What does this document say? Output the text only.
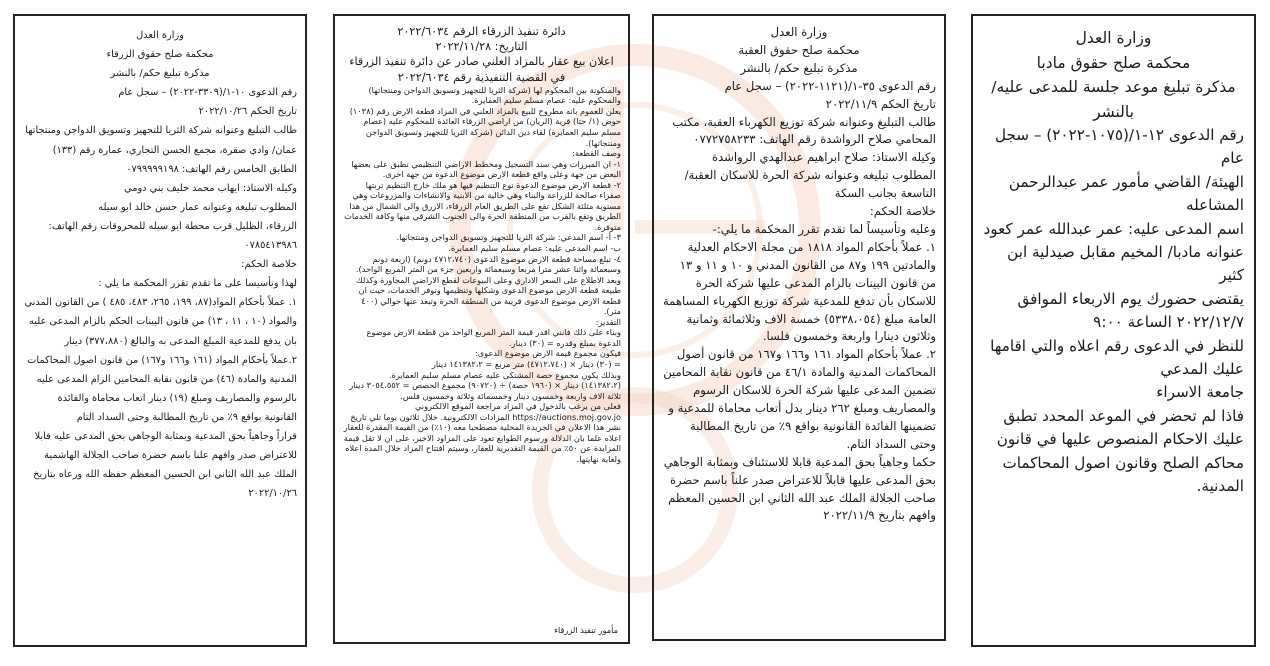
وزارة العدل

محكمة صلح حقوق مادبا

مذكرة تبليغ موعد جلسة للمدعى عليه/ بالنشر

رقم الدعوى ١٢-١/(١٠٧٥-٢٠٢٢) – سجل عام

الهيئة/ القاضي مأمور عمر عبدالرحمن المشاعله

اسم المدعى عليه: عمر عبدالله عمر كعود

عنوانه مادبا/ المخيم مقابل صيدلية ابن كثير

يقتضى حضورك يوم الاربعاء الموافق ٢٠٢٢/١٢/٧ الساعة ٩:٠٠

للنظر في الدعوى رقم اعلاه والتي اقامها عليك المدعي

جامعة الاسراء

فاذا لم تحضر في الموعد المحدد تطبق عليك الاحكام المنصوص عليها في قانون محاكم الصلح وقانون اصول المحاكمات المدنية.

وزارة العدل

محكمة صلح حقوق العقبة

مذكرة تبليغ حكم/ بالنشر

رقم الدعوى ٣٥-١/(١١٢١-٢٠٢٢) – سجل عام

تاريخ الحكم ٢٠٢٢/١١/٩

طالب التبليغ وعنوانه شركة توزيع الكهرباء العقبة، مكتب المحامي صلاح الرواشدة رقم الهاتف: ٠٧٧٢٧٥٨٢٣٣

وكيله الاستاذ: صلاح ابراهيم عبدالهدي الرواشدة

المطلوب تبليغه وعنوانه شركة الحرة للاسكان العقبة/ التاسعة بجانب السكة

خلاصة الحكم:

وعليه وتأسيساً لما تقدم تقرر المحكمة ما يلي:-

١. عملاً بأحكام المواد ١٨١٨ من مجلة الاحكام العدلية والمادتين ١٩٩ و٨٧ من القانون المدني و ١٠ و ١١ و ١٣ من قانون البينات بالزام المدعى عليها شركة الحرة للاسكان بأن تدفع للمدعية شركة توزيع الكهرباء المساهمة العامة مبلغ (٥٣٣٨،٠٥٤) خمسة الاف وثلاثمائة وثمانية وثلاثون دينارا واربعة وخمسون فلسا.

٢. عملاً بأحكام المواد ١٦١ و١٦٦ و١٦٧ من قانون أصول المحاكمات المدنية والمادة ٤٦/١ من قانون نقابة المحامين تضمين المدعى عليها شركة الحرة للاسكان الرسوم والمصاريف ومبلغ ٢٦٢ دينار بدل أتعاب محاماة للمدعية و تضمينها الفائدة القانونية بواقع ٩٪ من تاريخ المطالبة وحتى السداد التام.

حكما وجاهياً بحق المدعية قابلا للاستئناف وبمثابة الوجاهي بحق المدعى عليها قابلاً للاعتراض صدر علناً باسم حضرة صاحب الجلالة الملك عبد الله الثاني ابن الحسين المعظم وافهم بتاريخ ٢٠٢٢/١١/٩

دائرة تنفيذ الزرقاء الرقم ٢٠٢٢/٦٠٣٤

التاريخ: ٢٠٢٢/١١/٢٨

اعلان بيع عقار بالمزاد العلني صادر عن دائرة تنفيذ الزرقاء

في القضية التنفيذية رقم ٢٠٢٢/٦٠٣٤

والمتكونة بين المحكوم لها (شركة الثريا للتجهيز وتسويق الدواجن ومنتجاتها) والمحكوم عليه: عصام مسلم سليم العمايرة.

يعلن للعموم بانه مطروح للبيع بالمزاد العلني في المزاد قطعة الارض رقم (١٠٣٨) حوض (١/ حتا) قرية (الريان) من اراضي الزرقاء العائدة للمحكوم عليه (عصام مسلم سليم العمايرة) لقاء دين الدائن (شركة الثريا للتجهيز وتسويق الدواجن ومنتجاتها).

وصف القطعة:

١- ان المبرزات وهي سند التسجيل ومخطط الاراضي التنظيمي تطبق على بعضها البعض من جهة وعلى واقع قطعة الارض موضوع الدعوة من جهة اخرى.

٢- قطعة الارض موضوع الدعوة نوع التنظيم فيها هو ملك خارج التنظيم تربتها صفراء صالحة للزراعة والبناء وهي خالية من الابنية والانشاءات والمزروعات وهي مستوية مثلثة الشكل تقع على الطريق العام الزرقاء، الازرق والى الشمال من هذا الطريق وتقع بالقرب من المنطقة الحرة والى الجنوب الشرقي منها وكافة الخدمات متوفرة.

٣- أ- اسم المدعي: شركة الثريا للتجهيز وتسويق الدواجن ومنتجاتها.

ب- اسم المدعى عليه: عصام مسلم سليم العمايرة.

٤- تبلغ مساحة قطعة الارض موضوع الدعوى (٤٧١٢،٧٤٠ دونم) (اربعة دونم وسبعمائة واثنا عشر مترا مربعا وسبعمائة واربعين جزء من المتر المربع الواحد).

وبعد الاطلاع على السعر الاداري وعلى البيوعات لقطع الاراضي المجاورة وكذلك طبيعة قطعة الارض موضوع الدعوى وشكلها وتنظيمها وتوفر الخدمات، حيث ان قطعة الارض موضوع الدعوى قريبة من المنطقة الحرة وتبعد عنها حوالي (٤٠٠ متر).

التقدير:

وبناء على ذلك فانني اقدر قيمة المتر المربع الواحد من قطعة الارض موضوع الدعوة بمبلغ وقدره = (٣٠) دينار.

فيكون مجموع قيمة الارض موضوع الدعوى:

= (٣٠) دينار × (٤٧١٢،٧٤٠) متر مربع = ١٤١٣٨٢،٢ دينار

وبذلك يكون مجموع حصة المشتكى عليه عصام مسلم سليم العمايرة.

(١٤١٣٨٢،٢) دينار × (١٩٦٠ حصة) ÷ (٩٠٧٢٠) مجموع الحصص = ٣٠٥٤،٥٥٢ دينار

ثلاثة الاف واربعة وخمسون دينار وخمسمائة وثلاثة وخمسون فلس.

فعلى من يرغب بالدخول في المزاد مراجعة الموقع الالكتروني https://auctions.moj.gov.jo المزادات الالكترونية. خلال ثلاثون يوما تلي تاريخ نشر هذا الاعلان في الجريدة المحلية مصطحبا معه (١٠٪) من القيمة المقدرة للعقار اعلاه علما بان الدلالة ورسوم الطوابع تعود على المزاود الاخير، على ان لا تقل قيمة المزايدة عن ٥٠٪ من القيمة التقديرية للعقار، وسيتم افتتاح المزاد خلال المدة اعلاه ولغاية نهايتها.

مأمور تنفيذ الزرقاء

وزارة العدل

محكمة صلح حقوق الزرقاء

مذكرة تبليغ حكم/ بالنشر

رقم الدعوى ١٠-١/(٣٣٠٩-٢٠٢٢) – سجل عام

تاريخ الحكم ٢٠٢٢/١٠/٢٦

طالب التبليغ وعنوانه شركة الثريا للتجهيز وتسويق الدواجن ومنتجاتها

عمان/ وادي صقرة، مجمع الحسن التجاري، عمارة رقم (١٣٣) الطابق الخامس رقم الهاتف: ٠٧٩٩٩٩٩١٩٨

وكيله الاستاذ: ايهاب محمد خليف بني دومي

المطلوب تبليغه وعنوانه عمار حسن خالد ابو سيله

الزرقاء، الظليل قرب محطة ابو سيله للمحروقات رقم الهاتف: ٠٧٨٥٤١٣٩٨٦

خلاصة الحكم:

لهذا وتأسيسا على ما تقدم تقرر المحكمة ما يلي :

١. عملاً بأحكام المواد(٨٧، ١٩٩، ٢٦٥، ٤٨٣، ٤٨٥ ) من القانون المدني والمواد (١٠ ، ١١ ، ١٣) من قانون البينات الحكم بالزام المدعى عليه بان يدفع للمدعية المبلغ المدعى به والبالغ (٣٧٧،٨٨٠) دينار

٢.عملاً بأحكام المواد (١٦١ و١٦٦ و١٦٧) من قانون اصول المحاكمات المدنية والمادة (٤٦) من قانون نقابة المحامين الزام المدعى عليه بالرسوم والمصاريف ومبلغ (١٩) دينار اتعاب محاماة والفائدة القانونية بواقع ٩٪ من تاريخ المطالبة وحتى السداد التام

قراراً وجاهياً بحق المدعية وبمثابة الوجاهي بحق المدعى عليه قابلا للاعتراض صدر وافهم علنا باسم حضرة صاحب الجلالة الهاشمية الملك عبد الله الثاني ابن الحسين المعظم حفظه الله ورعاه بتاريخ ٢٠٢٢/١٠/٢٦
